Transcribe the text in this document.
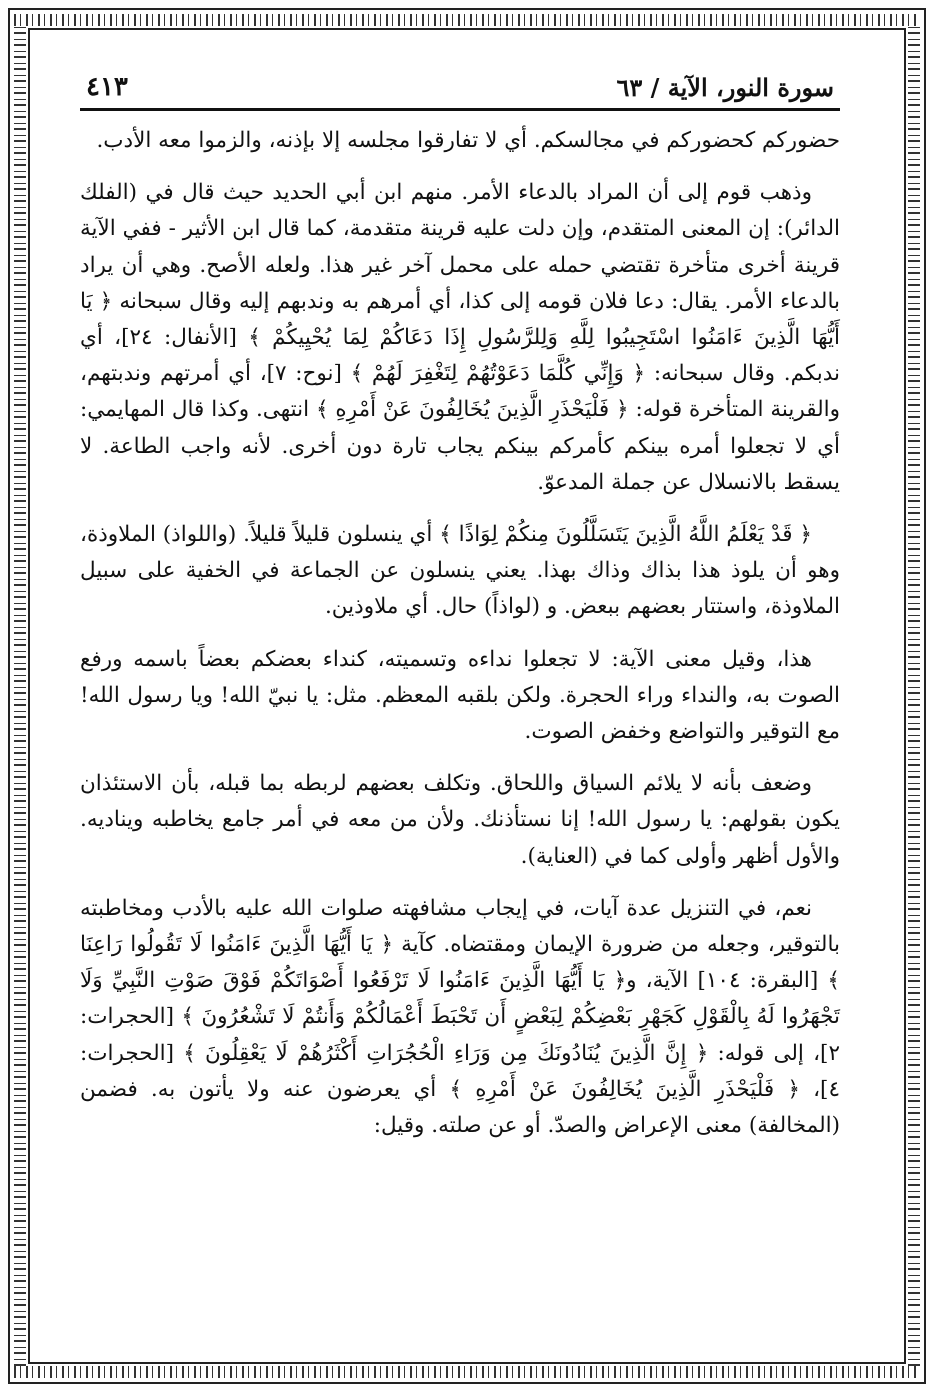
سورة النور، الآية / ٦٣
٤١٣

حضوركم كحضوركم في مجالسكم. أي لا تفارقوا مجلسه إلا بإذنه، والزموا معه الأدب.

وذهب قوم إلى أن المراد بالدعاء الأمر. منهم ابن أبي الحديد حيث قال في (الفلك الدائر): إن المعنى المتقدم، وإن دلت عليه قرينة متقدمة، كما قال ابن الأثير - ففي الآية قرينة أخرى متأخرة تقتضي حمله على محمل آخر غير هذا. ولعله الأصح. وهي أن يراد بالدعاء الأمر. يقال: دعا فلان قومه إلى كذا، أي أمرهم به وندبهم إليه وقال سبحانه ﴿ يَا أَيُّهَا الَّذِينَ ءَامَنُوا اسْتَجِيبُوا لِلَّهِ وَلِلرَّسُولِ إِذَا دَعَاكُمْ لِمَا يُحْيِيكُمْ ﴾ [الأنفال: ٢٤]، أي ندبكم. وقال سبحانه: ﴿ وَإِنِّي كُلَّمَا دَعَوْتُهُمْ لِتَغْفِرَ لَهُمْ ﴾ [نوح: ٧]، أي أمرتهم وندبتهم، والقرينة المتأخرة قوله: ﴿ فَلْيَحْذَرِ الَّذِينَ يُخَالِفُونَ عَنْ أَمْرِهِ ﴾ انتهى. وكذا قال المهايمي: أي لا تجعلوا أمره بينكم كأمركم بينكم يجاب تارة دون أخرى. لأنه واجب الطاعة. لا يسقط بالانسلال عن جملة المدعوّ.

﴿ قَدْ يَعْلَمُ اللَّهُ الَّذِينَ يَتَسَلَّلُونَ مِنكُمْ لِوَاذًا ﴾ أي ينسلون قليلاً قليلاً. (واللواذ) الملاوذة، وهو أن يلوذ هذا بذاك وذاك بهذا. يعني ينسلون عن الجماعة في الخفية على سبيل الملاوذة، واستتار بعضهم ببعض. و (لواذاً) حال. أي ملاوذين.

هذا، وقيل معنى الآية: لا تجعلوا نداءه وتسميته، كنداء بعضكم بعضاً باسمه ورفع الصوت به، والنداء وراء الحجرة. ولكن بلقبه المعظم. مثل: يا نبيّ الله! ويا رسول الله! مع التوقير والتواضع وخفض الصوت.

وضعف بأنه لا يلائم السياق واللحاق. وتكلف بعضهم لربطه بما قبله، بأن الاستئذان يكون بقولهم: يا رسول الله! إنا نستأذنك. ولأن من معه في أمر جامع يخاطبه ويناديه. والأول أظهر وأولى كما في (العناية).

نعم، في التنزيل عدة آيات، في إيجاب مشافهته صلوات الله عليه بالأدب ومخاطبته بالتوقير، وجعله من ضرورة الإيمان ومقتضاه. كآية ﴿ يَا أَيُّهَا الَّذِينَ ءَامَنُوا لَا تَقُولُوا رَاعِنَا ﴾ [البقرة: ١٠٤] الآية، و﴿ يَا أَيُّهَا الَّذِينَ ءَامَنُوا لَا تَرْفَعُوا أَصْوَاتَكُمْ فَوْقَ صَوْتِ النَّبِيِّ وَلَا تَجْهَرُوا لَهُ بِالْقَوْلِ كَجَهْرِ بَعْضِكُمْ لِبَعْضٍ أَن تَحْبَطَ أَعْمَالُكُمْ وَأَنتُمْ لَا تَشْعُرُونَ ﴾ [الحجرات: ٢]، إلى قوله: ﴿ إِنَّ الَّذِينَ يُنَادُونَكَ مِن وَرَاءِ الْحُجُرَاتِ أَكْثَرُهُمْ لَا يَعْقِلُونَ ﴾ [الحجرات: ٤]، ﴿ فَلْيَحْذَرِ الَّذِينَ يُخَالِفُونَ عَنْ أَمْرِهِ ﴾ أي يعرضون عنه ولا يأتون به. فضمن (المخالفة) معنى الإعراض والصدّ. أو عن صلته. وقيل:
